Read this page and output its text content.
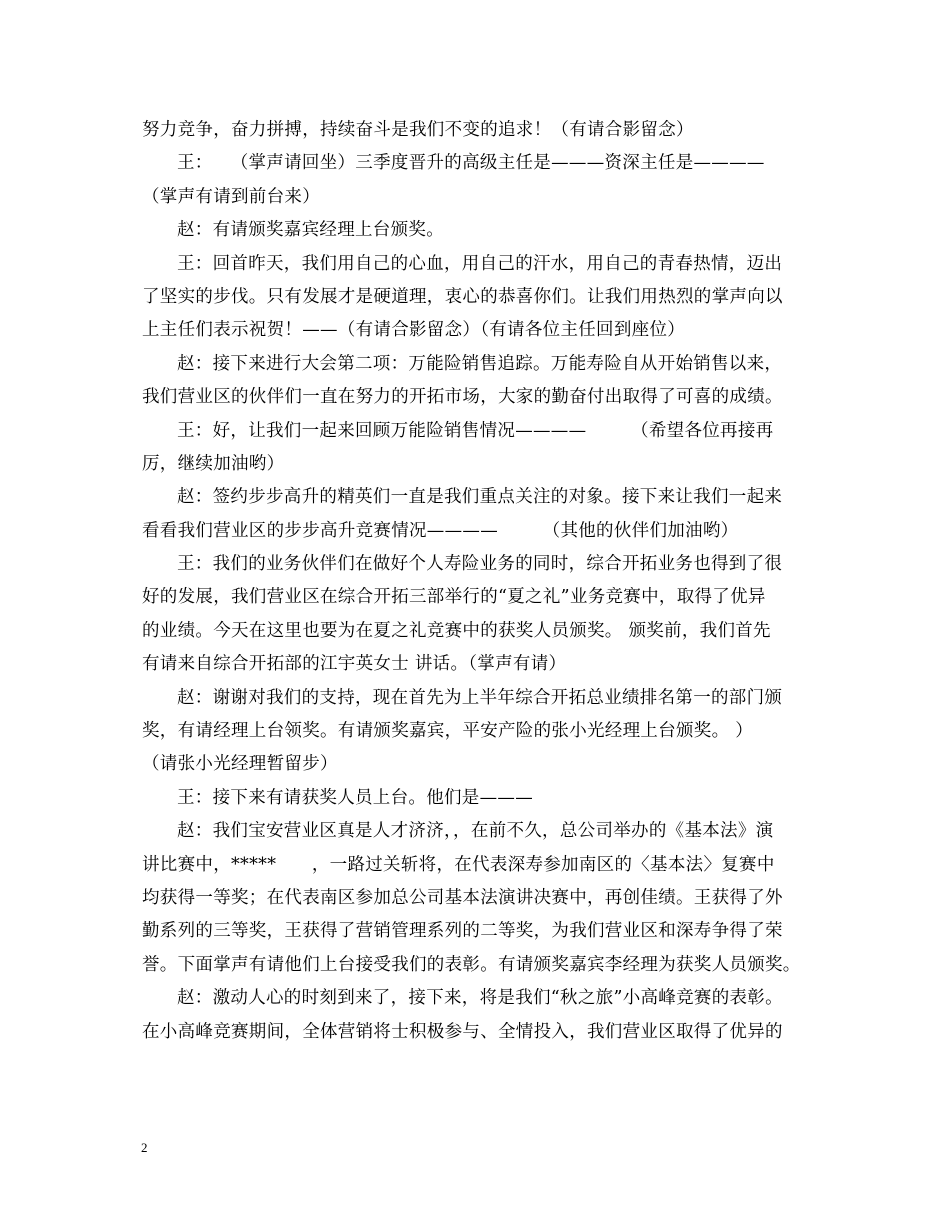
努力竞争，奋力拼搏，持续奋斗是我们不变的追求！（有请合影留念）
王：　　（掌声请回坐）三季度晋升的高级主任是———资深主任是————
（掌声有请到前台来）
赵：有请颁奖嘉宾经理上台颁奖。
王：回首昨天，我们用自己的心血，用自己的汗水，用自己的青春热情，迈出
了坚实的步伐。只有发展才是硬道理，衷心的恭喜你们。让我们用热烈的掌声向以
上主任们表示祝贺！——（有请合影留念）（有请各位主任回到座位）
赵：接下来进行大会第二项：万能险销售追踪。万能寿险自从开始销售以来，
我们营业区的伙伴们一直在努力的开拓市场，大家的勤奋付出取得了可喜的成绩。
王：好，让我们一起来回顾万能险销售情况————　　　（希望各位再接再
厉，继续加油哟）
赵：签约步步高升的精英们一直是我们重点关注的对象。接下来让我们一起来
看看我们营业区的步步高升竞赛情况————　　　（其他的伙伴们加油哟）
王：我们的业务伙伴们在做好个人寿险业务的同时，综合开拓业务也得到了很
好的发展，我们营业区在综合开拓三部举行的“夏之礼”业务竞赛中，取得了优异
的业绩。今天在这里也要为在夏之礼竞赛中的获奖人员颁奖。 颁奖前，我们首先
有请来自综合开拓部的江宇英女士 讲话。（掌声有请）
赵：谢谢对我们的支持，现在首先为上半年综合开拓总业绩排名第一的部门颁
奖，有请经理上台领奖。有请颁奖嘉宾，平安产险的张小光经理上台颁奖。 ）
（请张小光经理暂留步）
王：接下来有请获奖人员上台。他们是———
赵：我们宝安营业区真是人才济济，，在前不久，总公司举办的《基本法》演
讲比赛中，*****　　，一路过关斩将，在代表深寿参加南区的〈基本法〉复赛中
均获得一等奖；在代表南区参加总公司基本法演讲决赛中，再创佳绩。王获得了外
勤系列的三等奖，王获得了营销管理系列的二等奖，为我们营业区和深寿争得了荣
誉。下面掌声有请他们上台接受我们的表彰。有请颁奖嘉宾李经理为获奖人员颁奖。
赵：激动人心的时刻到来了，接下来，将是我们“秋之旅”小高峰竞赛的表彰。
在小高峰竞赛期间，全体营销将士积极参与、全情投入，我们营业区取得了优异的
2
